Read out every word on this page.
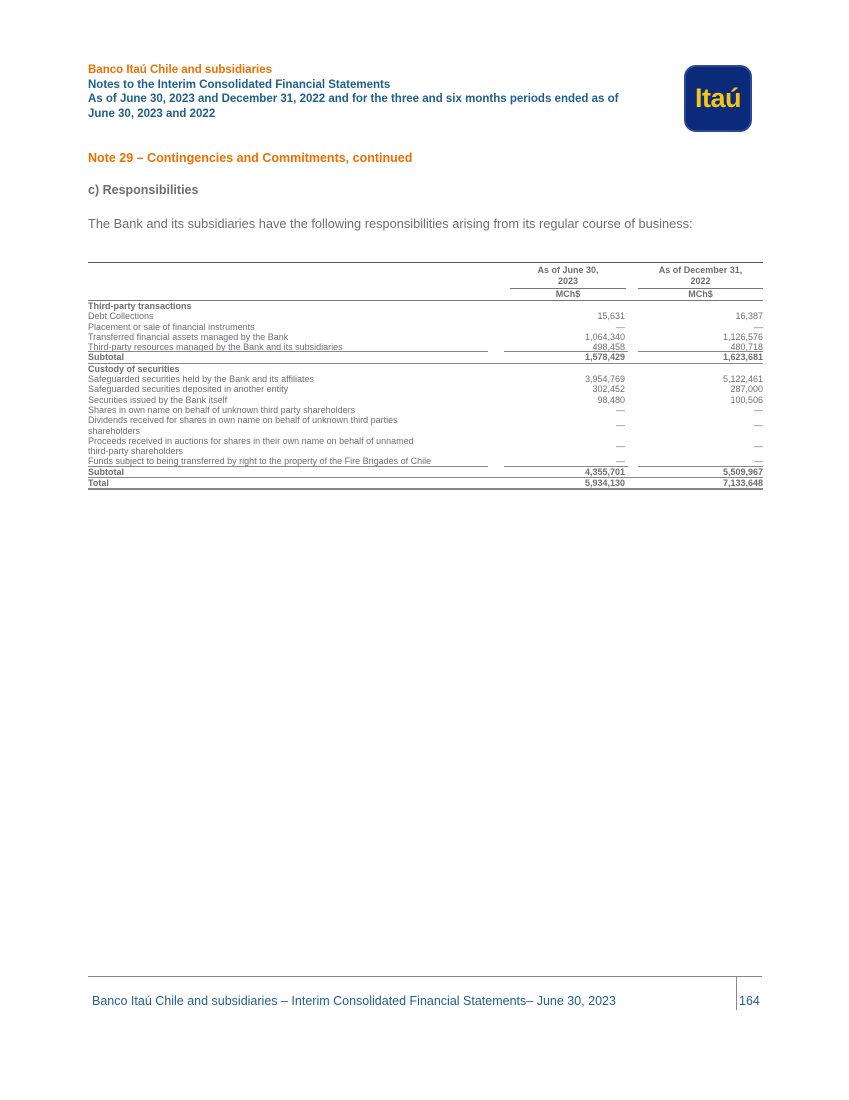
Banco Itaú Chile and subsidiaries
Notes to the Interim Consolidated Financial Statements
As of June 30, 2023 and December 31, 2022 and for the three and six months periods ended as of
June 30, 2023 and 2022
Itaú
Note 29 – Contingencies and Commitments, continued
c) Responsibilities
The Bank and its subsidiaries have the following responsibilities arising from its regular course of business:
As of June 30,
2023
MCh$
As of December 31,
2022
MCh$
Third-party transactions
Debt Collections	15,631	16,387
Placement or sale of financial instruments	—	—
Transferred financial assets managed by the Bank	1,064,340	1,126,576
Third-party resources managed by the Bank and its subsidiaries	498,458	480,718
Subtotal	1,578,429	1,623,681
Custody of securities
Safeguarded securities held by the Bank and its affiliates	3,954,769	5,122,461
Safeguarded securities deposited in another entity	302,452	287,000
Securities issued by the Bank itself	98,480	100,506
Shares in own name on behalf of unknown third party shareholders	—	—
Dividends received for shares in own name on behalf of unknown third parties
shareholders
—	—
Proceeds received in auctions for shares in their own name on behalf of unnamed
third-party shareholders
—	—
Funds subject to being transferred by right to the property of the Fire Brigades of Chile	—	—
Subtotal	4,355,701	5,509,967
Total	5,934,130	7,133,648
Banco Itaú Chile and subsidiaries – Interim Consolidated Financial Statements– June 30, 2023	164
